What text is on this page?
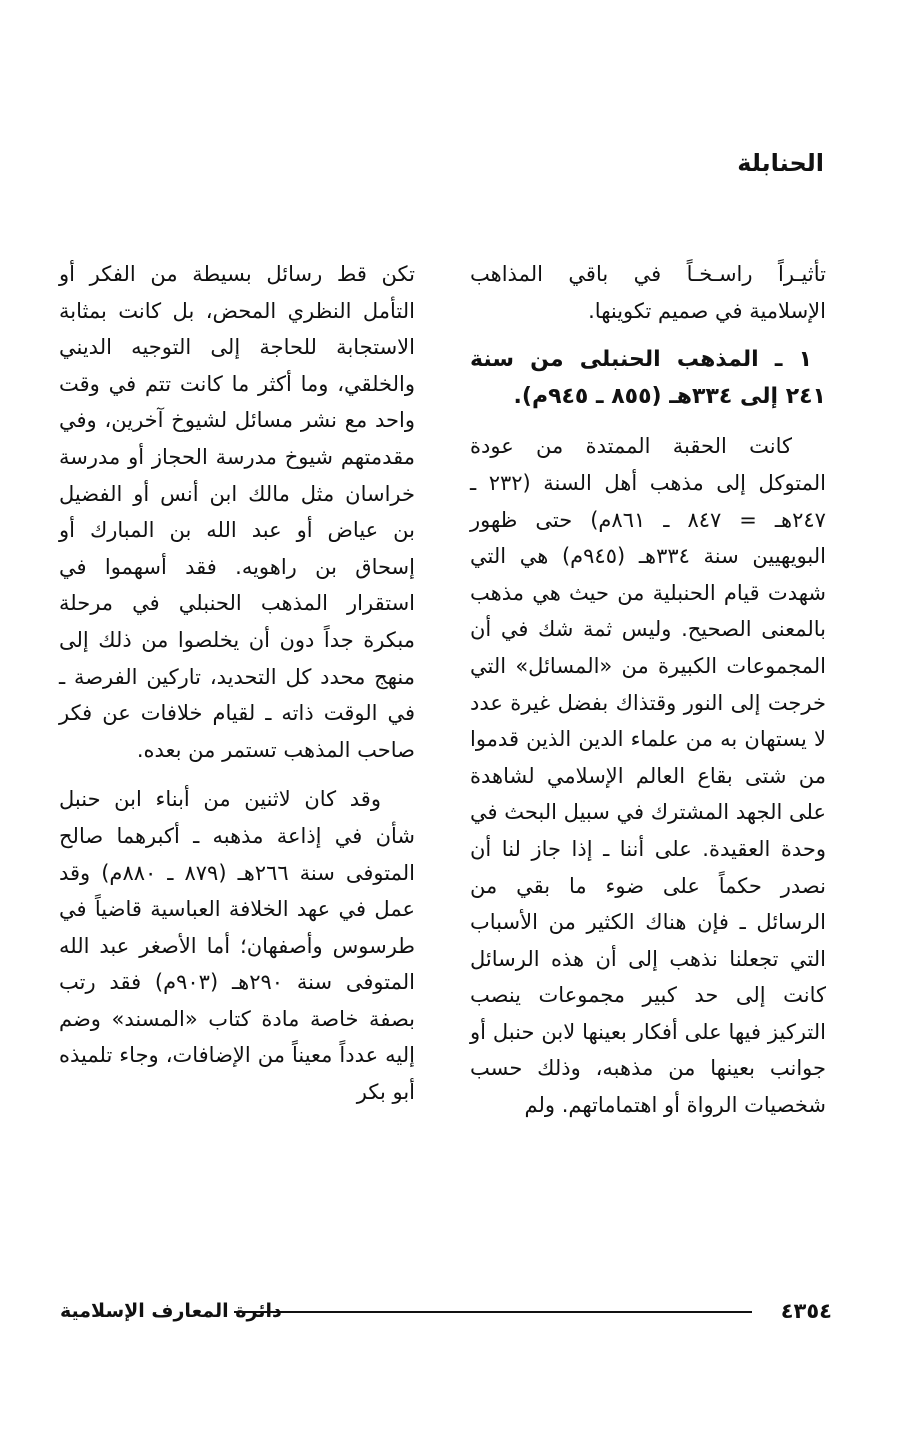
الحنابلة

تأثيـراً راسـخـاً في باقي المذاهب الإسلامية في صميم تكوينها.

١ ـ المذهب الحنبلى من سنة ٢٤١ إلى ٣٣٤هـ (٨٥٥ ـ ٩٤٥م).

كانت الحقبة الممتدة من عودة المتوكل إلى مذهب أهل السنة (٢٣٢ ـ ٢٤٧هـ = ٨٤٧ ـ ٨٦١م) حتى ظهور البويهيين سنة ٣٣٤هـ (٩٤٥م) هي التي شهدت قيام الحنبلية من حيث هي مذهب بالمعنى الصحيح. وليس ثمة شك في أن المجموعات الكبيرة من «المسائل» التي خرجت إلى النور وقتذاك بفضل غيرة عدد لا يستهان به من علماء الدين الذين قدموا من شتى بقاع العالم الإسلامي لشاهدة على الجهد المشترك في سبيل البحث في وحدة العقيدة. على أننا ـ إذا جاز لنا أن نصدر حكماً على ضوء ما بقي من الرسائل ـ فإن هناك الكثير من الأسباب التي تجعلنا نذهب إلى أن هذه الرسائل كانت إلى حد كبير مجموعات ينصب التركيز فيها على أفكار بعينها لابن حنبل أو جوانب بعينها من مذهبه، وذلك حسب شخصيات الرواة أو اهتماماتهم. ولم

تكن قط رسائل بسيطة من الفكر أو التأمل النظري المحض، بل كانت بمثابة الاستجابة للحاجة إلى التوجيه الديني والخلقي، وما أكثر ما كانت تتم في وقت واحد مع نشر مسائل لشيوخ آخرين، وفي مقدمتهم شيوخ مدرسة الحجاز أو مدرسة خراسان مثل مالك ابن أنس أو الفضيل بن عياض أو عبد الله بن المبارك أو إسحاق بن راهويه. فقد أسهموا في استقرار المذهب الحنبلي في مرحلة مبكرة جداً دون أن يخلصوا من ذلك إلى منهج محدد كل التحديد، تاركين الفرصة ـ في الوقت ذاته ـ لقيام خلافات عن فكر صاحب المذهب تستمر من بعده.

وقد كان لاثنين من أبناء ابن حنبل شأن في إذاعة مذهبه ـ أكبرهما صالح المتوفى سنة ٢٦٦هـ (٨٧٩ ـ ٨٨٠م) وقد عمل في عهد الخلافة العباسية قاضياً في طرسوس وأصفهان؛ أما الأصغر عبد الله المتوفى سنة ٢٩٠هـ (٩٠٣م) فقد رتب بصفة خاصة مادة كتاب «المسند» وضم إليه عدداً معيناً من الإضافات، وجاء تلميذه أبو بكر

٤٣٥٤
دائرة المعارف الإسلامية
